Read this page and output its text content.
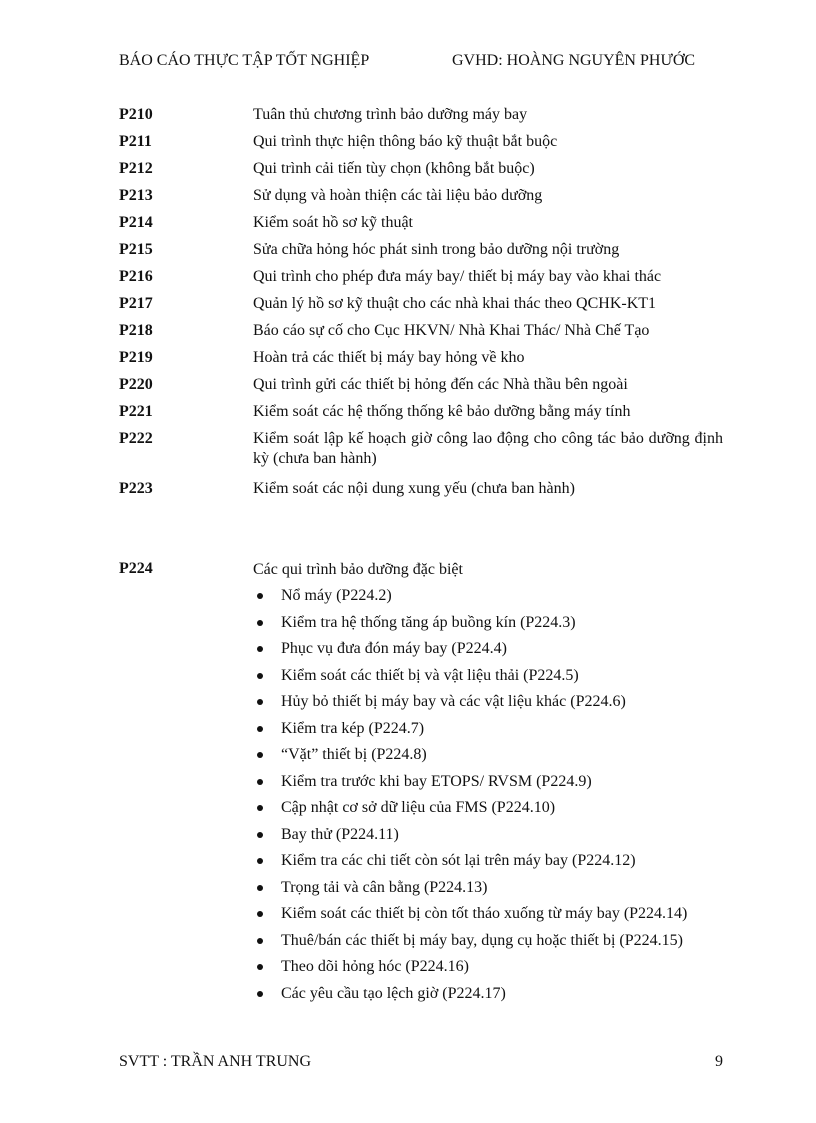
BÁO CÁO THỰC TẬP TỐT NGHIỆP	GVHD: HOÀNG NGUYÊN PHƯỚC
P210	Tuân thủ chương trình bảo dưỡng máy bay
P211	Qui trình thực hiện thông báo kỹ thuật bắt buộc
P212	Qui trình cải tiến tùy chọn (không bắt buộc)
P213	Sử dụng và hoàn thiện các tài liệu bảo dưỡng
P214	Kiểm soát hồ sơ kỹ thuật
P215	Sửa chữa hỏng hóc phát sinh trong bảo dưỡng nội trường
P216	Qui trình cho phép đưa máy bay/ thiết bị máy bay vào khai thác
P217	Quản lý hồ sơ kỹ thuật cho các nhà khai thác theo QCHK-KT1
P218	Báo cáo sự cố cho Cục HKVN/ Nhà Khai Thác/ Nhà Chế Tạo
P219	Hoàn trả các thiết bị máy bay hỏng về kho
P220	Qui trình gửi các thiết bị hỏng đến các Nhà thầu bên ngoài
P221	Kiểm soát các hệ thống thống kê bảo dưỡng bằng máy tính
P222	Kiểm soát lập kế hoạch giờ công lao động cho công tác bảo dưỡng định kỳ (chưa ban hành)
P223	Kiểm soát các nội dung xung yếu (chưa ban hành)
P224	Các qui trình bảo dưỡng đặc biệt
Nổ máy (P224.2)
Kiểm tra hệ thống tăng áp buồng kín (P224.3)
Phục vụ đưa đón máy bay (P224.4)
Kiểm soát các thiết bị và vật liệu thải (P224.5)
Hủy bỏ thiết bị máy bay và các vật liệu khác (P224.6)
Kiểm tra kép (P224.7)
“Vặt” thiết bị (P224.8)
Kiểm tra trước khi bay ETOPS/ RVSM (P224.9)
Cập nhật cơ sở dữ liệu của FMS (P224.10)
Bay thử (P224.11)
Kiểm tra các chi tiết còn sót lại trên máy bay (P224.12)
Trọng tải và cân bằng (P224.13)
Kiểm soát các thiết bị còn tốt tháo xuống từ máy bay (P224.14)
Thuê/bán các thiết bị máy bay, dụng cụ hoặc thiết bị (P224.15)
Theo dõi hỏng hóc (P224.16)
Các yêu cầu tạo lệch giờ (P224.17)
SVTT : TRẦN ANH TRUNG	9
